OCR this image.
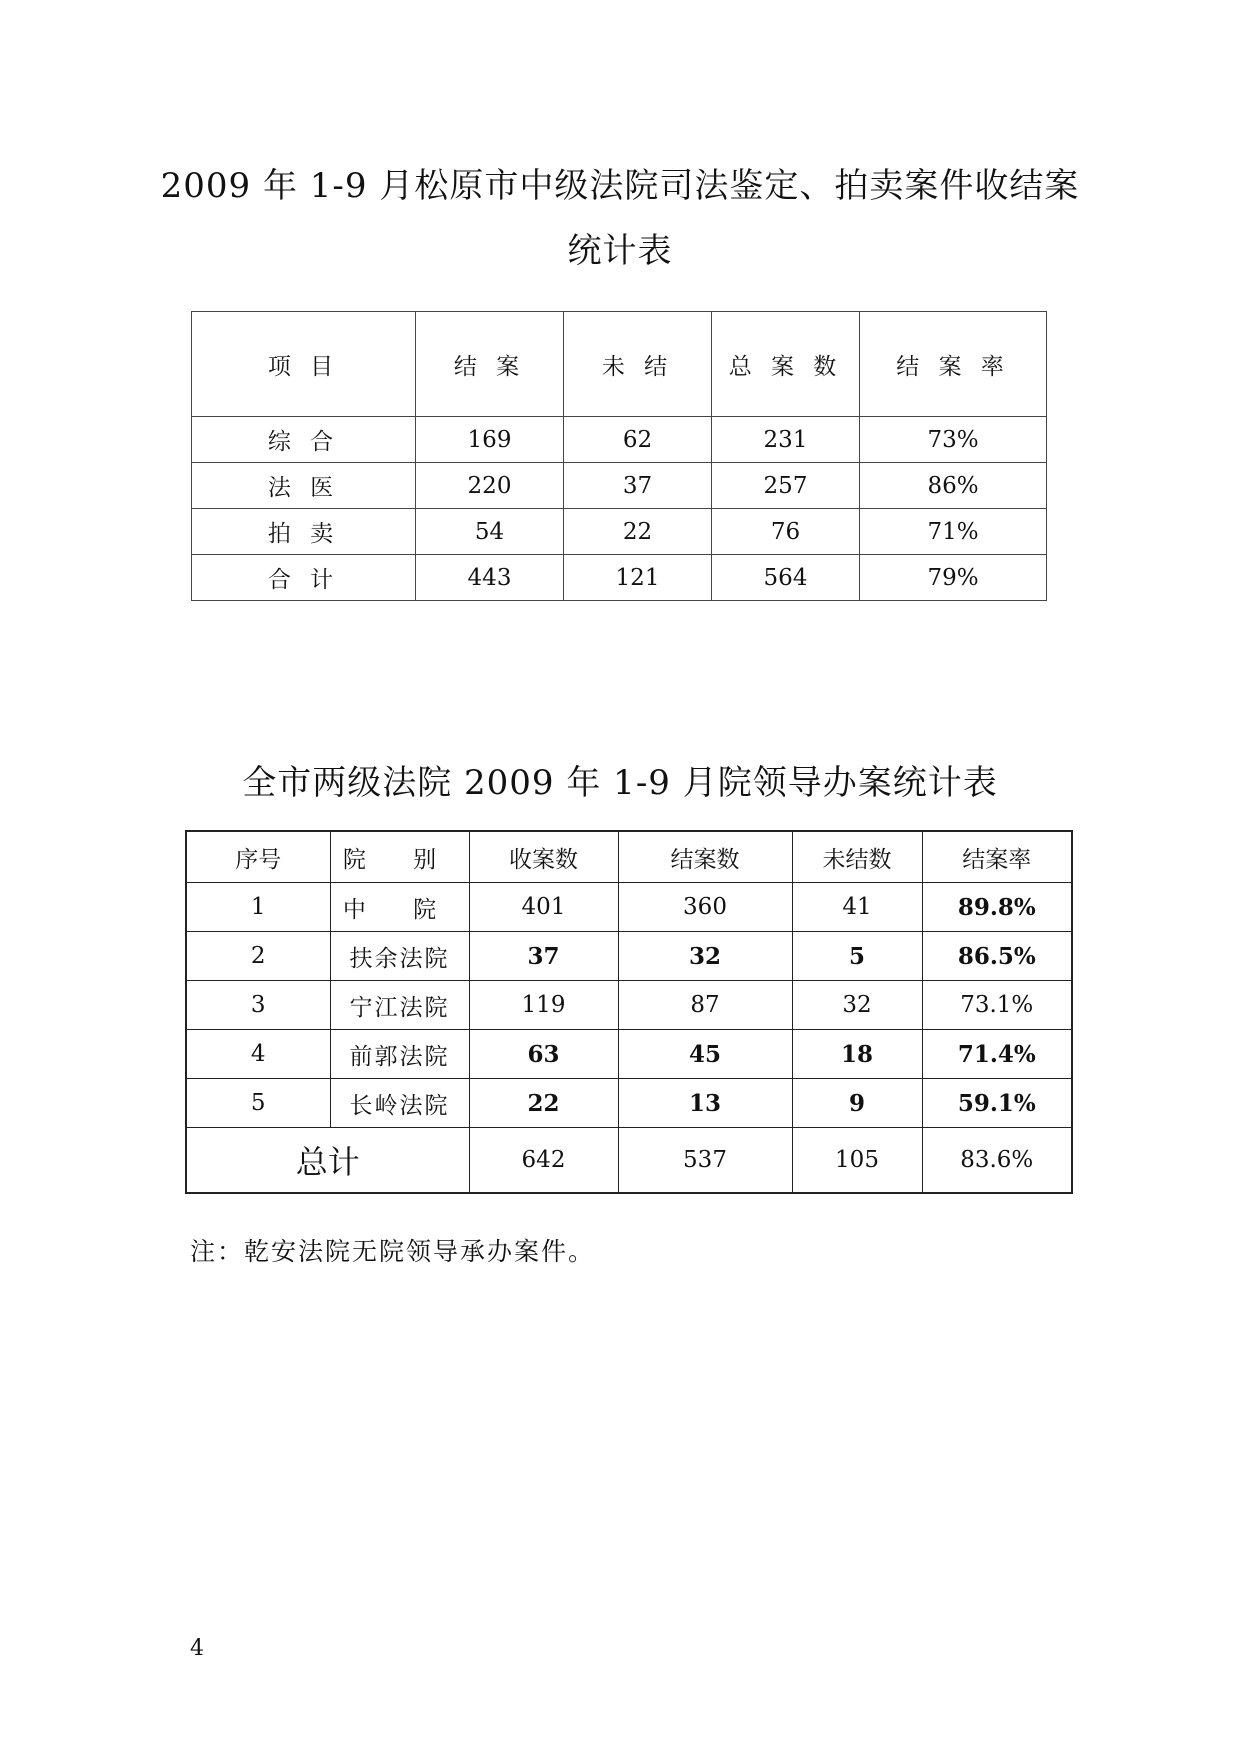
2009 年 1-9 月松原市中级法院司法鉴定、拍卖案件收结案
统计表
项 目	结 案	未 结	总 案 数	结 案 率
综 合	169	62	231	73%
法 医	220	37	257	86%
拍 卖	54	22	76	71%
合 计	443	121	564	79%
全市两级法院 2009 年 1-9 月院领导办案统计表
序号	院 别	收案数	结案数	未结数	结案率
1	中 院	401	360	41	89.8%
2	扶余法院	37	32	5	86.5%
3	宁江法院	119	87	32	73.1%
4	前郭法院	63	45	18	71.4%
5	长岭法院	22	13	9	59.1%
总计		642	537	105	83.6%

注：乾安法院无院领导承办案件。

4
